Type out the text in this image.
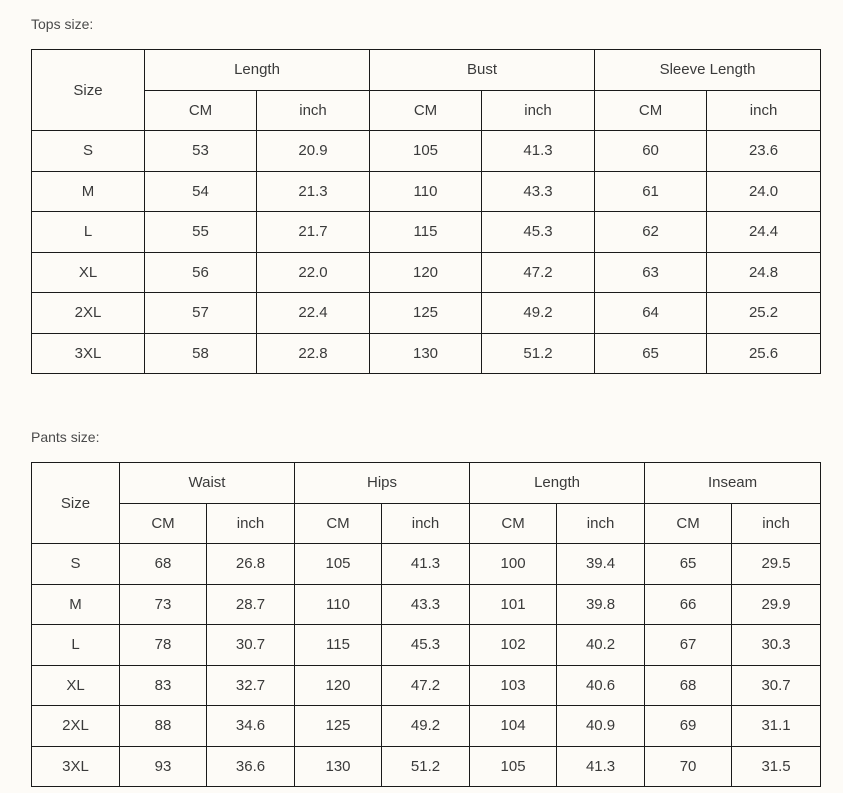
Tops size:
Size	Length		Bust		Sleeve Length	
	CM	inch	CM	inch	CM	inch
S	53	20.9	105	41.3	60	23.6
M	54	21.3	110	43.3	61	24.0
L	55	21.7	115	45.3	62	24.4
XL	56	22.0	120	47.2	63	24.8
2XL	57	22.4	125	49.2	64	25.2
3XL	58	22.8	130	51.2	65	25.6
Pants size:
Size	Waist		Hips		Length		Inseam	
	CM	inch	CM	inch	CM	inch	CM	inch
S	68	26.8	105	41.3	100	39.4	65	29.5
M	73	28.7	110	43.3	101	39.8	66	29.9
L	78	30.7	115	45.3	102	40.2	67	30.3
XL	83	32.7	120	47.2	103	40.6	68	30.7
2XL	88	34.6	125	49.2	104	40.9	69	31.1
3XL	93	36.6	130	51.2	105	41.3	70	31.5
